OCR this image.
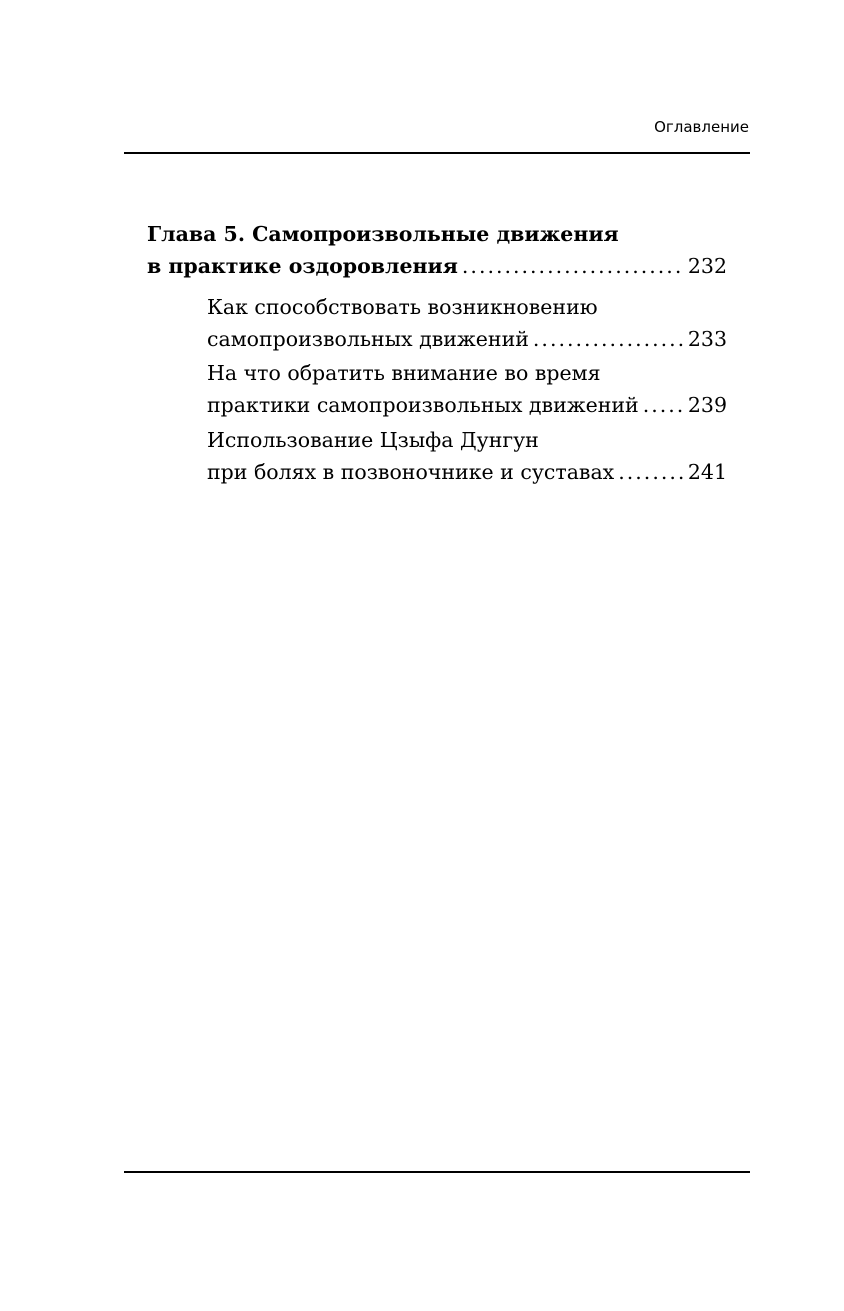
Оглавление
Глава 5. Самопроизвольные движения
в практике оздоровления .....	232
Как способствовать возникновению
самопроизвольных движений .....	233
На что обратить внимание во время
практики самопроизвольных движений ..... 239
Использование Цзыфа Дунгун
при болях в позвоночнике и суставах .....	241
